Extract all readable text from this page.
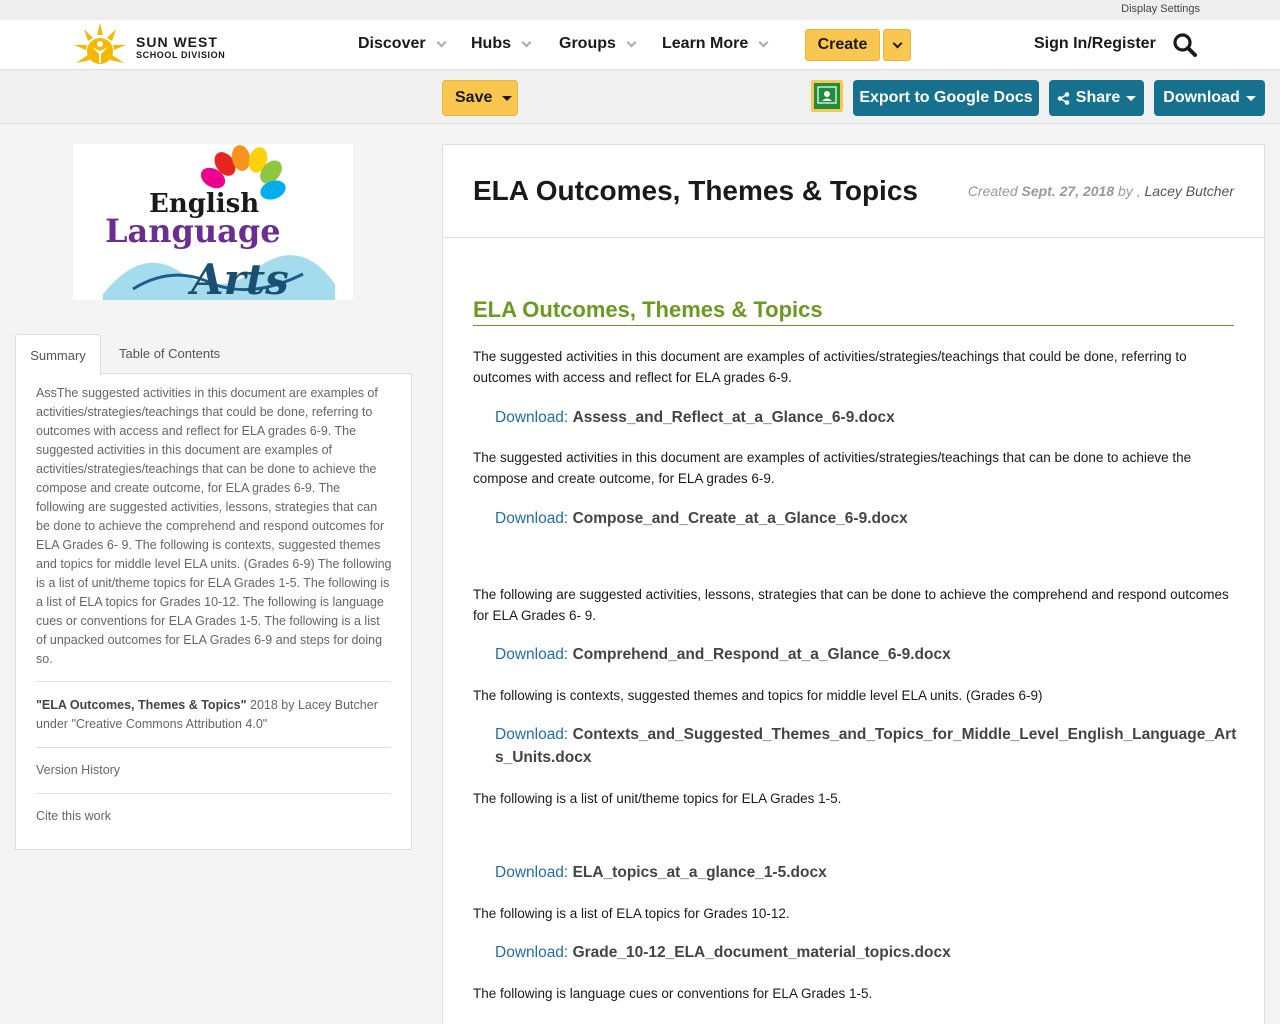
Display Settings
SUN WEST
SCHOOL DIVISION
Discover	Hubs	Groups	Learn More	Create	Sign In/Register
Save	Export to Google Docs	Share	Download
English
Language
Arts
Summary	Table of Contents

AssThe suggested activities in this document are examples of activities/strategies/teachings that could be done, referring to outcomes with access and reflect for ELA grades 6-9. The suggested activities in this document are examples of activities/strategies/teachings that can be done to achieve the compose and create outcome, for ELA grades 6-9. The following are suggested activities, lessons, strategies that can be done to achieve the comprehend and respond outcomes for ELA Grades 6- 9. The following is contexts, suggested themes and topics for middle level ELA units. (Grades 6-9) The following is a list of unit/theme topics for ELA Grades 1-5. The following is a list of ELA topics for Grades 10-12. The following is language cues or conventions for ELA Grades 1-5. The following is a list of unpacked outcomes for ELA Grades 6-9 and steps for doing so.

"ELA Outcomes, Themes & Topics" 2018 by Lacey Butcher under "Creative Commons Attribution 4.0"

Version History
Cite this work
ELA Outcomes, Themes & Topics	Created Sept. 27, 2018 by , Lacey Butcher
ELA Outcomes, Themes & Topics

The suggested activities in this document are examples of activities/strategies/teachings that could be done, referring to outcomes with access and reflect for ELA grades 6-9.

Download: Assess_and_Reflect_at_a_Glance_6-9.docx

The suggested activities in this document are examples of activities/strategies/teachings that can be done to achieve the compose and create outcome, for ELA grades 6-9.

Download: Compose_and_Create_at_a_Glance_6-9.docx

The following are suggested activities, lessons, strategies that can be done to achieve the comprehend and respond outcomes for ELA Grades 6- 9.

Download: Comprehend_and_Respond_at_a_Glance_6-9.docx

The following is contexts, suggested themes and topics for middle level ELA units. (Grades 6-9)

Download: Contexts_and_Suggested_Themes_and_Topics_for_Middle_Level_English_Language_Arts_Units.docx

The following is a list of unit/theme topics for ELA Grades 1-5.

Download: ELA_topics_at_a_glance_1-5.docx

The following is a list of ELA topics for Grades 10-12.

Download: Grade_10-12_ELA_document_material_topics.docx

The following is language cues or conventions for ELA Grades 1-5.
